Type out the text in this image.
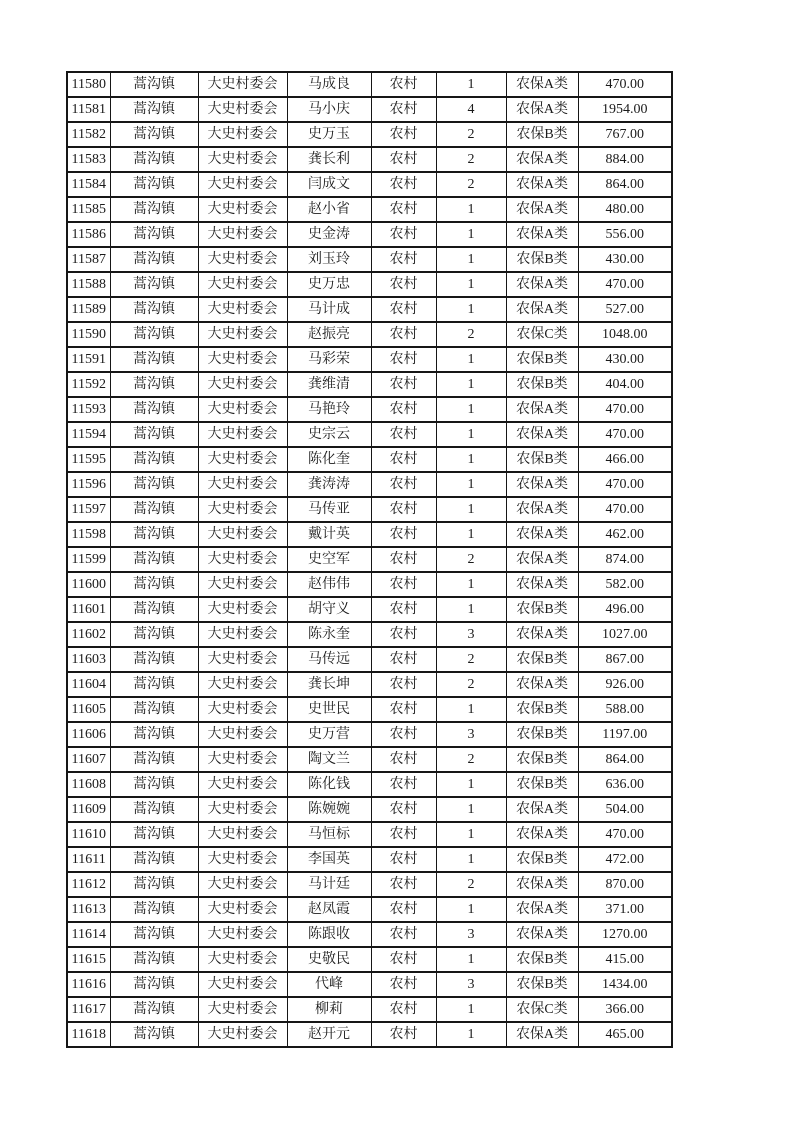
11580	蒿沟镇	大史村委会	马成良	农村	1	农保A类	470.00
11581	蒿沟镇	大史村委会	马小庆	农村	4	农保A类	1954.00
11582	蒿沟镇	大史村委会	史万玉	农村	2	农保B类	767.00
11583	蒿沟镇	大史村委会	龚长利	农村	2	农保A类	884.00
11584	蒿沟镇	大史村委会	闫成文	农村	2	农保A类	864.00
11585	蒿沟镇	大史村委会	赵小省	农村	1	农保A类	480.00
11586	蒿沟镇	大史村委会	史金涛	农村	1	农保A类	556.00
11587	蒿沟镇	大史村委会	刘玉玲	农村	1	农保B类	430.00
11588	蒿沟镇	大史村委会	史万忠	农村	1	农保A类	470.00
11589	蒿沟镇	大史村委会	马计成	农村	1	农保A类	527.00
11590	蒿沟镇	大史村委会	赵振亮	农村	2	农保C类	1048.00
11591	蒿沟镇	大史村委会	马彩荣	农村	1	农保B类	430.00
11592	蒿沟镇	大史村委会	龚维清	农村	1	农保B类	404.00
11593	蒿沟镇	大史村委会	马艳玲	农村	1	农保A类	470.00
11594	蒿沟镇	大史村委会	史宗云	农村	1	农保A类	470.00
11595	蒿沟镇	大史村委会	陈化奎	农村	1	农保B类	466.00
11596	蒿沟镇	大史村委会	龚涛涛	农村	1	农保A类	470.00
11597	蒿沟镇	大史村委会	马传亚	农村	1	农保A类	470.00
11598	蒿沟镇	大史村委会	戴计英	农村	1	农保A类	462.00
11599	蒿沟镇	大史村委会	史空军	农村	2	农保A类	874.00
11600	蒿沟镇	大史村委会	赵伟伟	农村	1	农保A类	582.00
11601	蒿沟镇	大史村委会	胡守义	农村	1	农保B类	496.00
11602	蒿沟镇	大史村委会	陈永奎	农村	3	农保A类	1027.00
11603	蒿沟镇	大史村委会	马传远	农村	2	农保B类	867.00
11604	蒿沟镇	大史村委会	龚长坤	农村	2	农保A类	926.00
11605	蒿沟镇	大史村委会	史世民	农村	1	农保B类	588.00
11606	蒿沟镇	大史村委会	史万营	农村	3	农保B类	1197.00
11607	蒿沟镇	大史村委会	陶文兰	农村	2	农保B类	864.00
11608	蒿沟镇	大史村委会	陈化钱	农村	1	农保B类	636.00
11609	蒿沟镇	大史村委会	陈婉婉	农村	1	农保A类	504.00
11610	蒿沟镇	大史村委会	马恒标	农村	1	农保A类	470.00
11611	蒿沟镇	大史村委会	李国英	农村	1	农保B类	472.00
11612	蒿沟镇	大史村委会	马计廷	农村	2	农保A类	870.00
11613	蒿沟镇	大史村委会	赵凤霞	农村	1	农保A类	371.00
11614	蒿沟镇	大史村委会	陈跟收	农村	3	农保A类	1270.00
11615	蒿沟镇	大史村委会	史敬民	农村	1	农保B类	415.00
11616	蒿沟镇	大史村委会	代峰	农村	3	农保B类	1434.00
11617	蒿沟镇	大史村委会	柳莉	农村	1	农保C类	366.00
11618	蒿沟镇	大史村委会	赵开元	农村	1	农保A类	465.00
